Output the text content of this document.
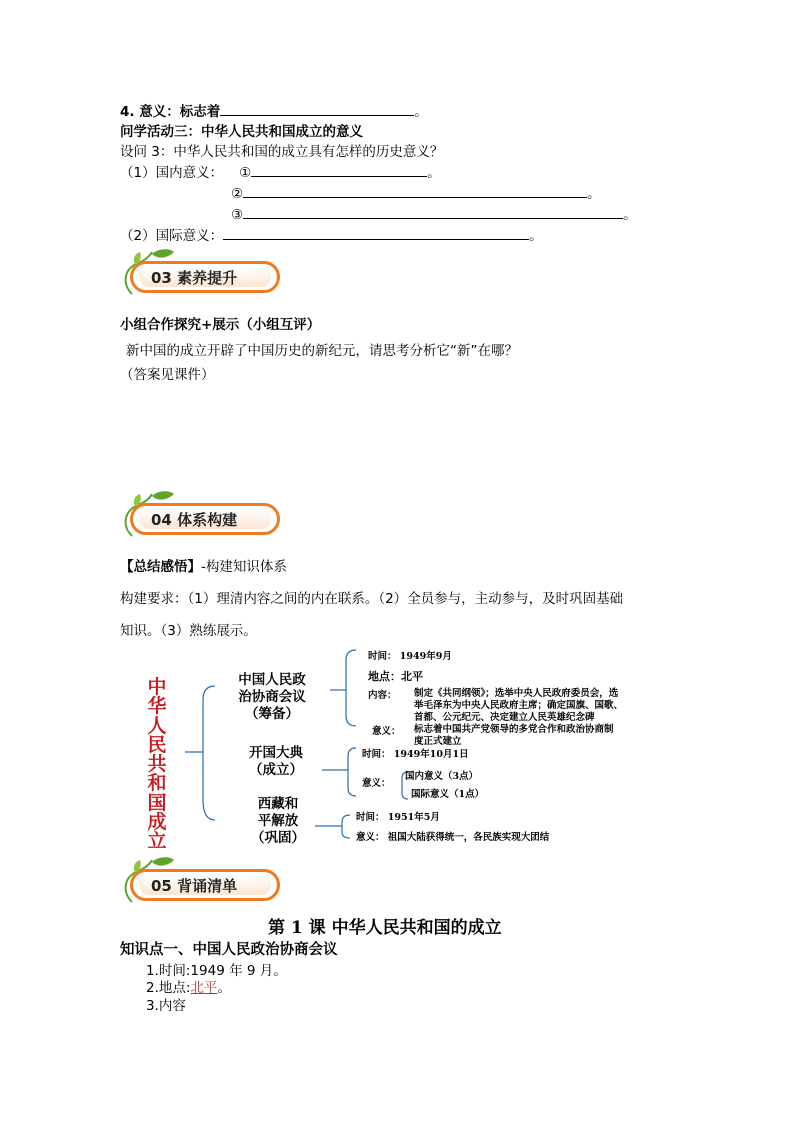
4. 意义：标志着	。
问学活动三：中华人民共和国成立的意义
设问 3：中华人民共和国的成立具有怎样的历史意义？
（1）国内意义： ①	。
②	。
③	。
（2）国际意义：	。
03 素养提升
小组合作探究+展示（小组互评）
新中国的成立开辟了中国历史的新纪元，请思考分析它“新”在哪？
（答案见课件）
04 体系构建
【总结感悟】-构建知识体系
构建要求：（1）理清内容之间的内在联系。（2）全员参与，主动参与，及时巩固基础
知识。（3）熟练展示。
中华人民共和国成立
中国人民政
治协商会议
（筹备）
开国大典
（成立）
西藏和
平解放
（巩固）
时间： 1949年9月
地点：北平
内容： 制定《共同纲领》；选举中央人民政府委员会，选
举毛泽东为中央人民政府主席；确定国旗、国歌、
首都、公元纪元、决定建立人民英雄纪念碑
意义： 标志着中国共产党领导的多党合作和政治协商制
度正式建立
时间： 1949年10月1日
意义：
国内意义（3点）
国际意义（1点）
时间： 1951年5月
意义： 祖国大陆获得统一，各民族实现大团结
05 背诵清单
第 1 课 中华人民共和国的成立
知识点一、中国人民政治协商会议
1.时间:1949 年 9 月。
2.地点:北平。
3.内容
